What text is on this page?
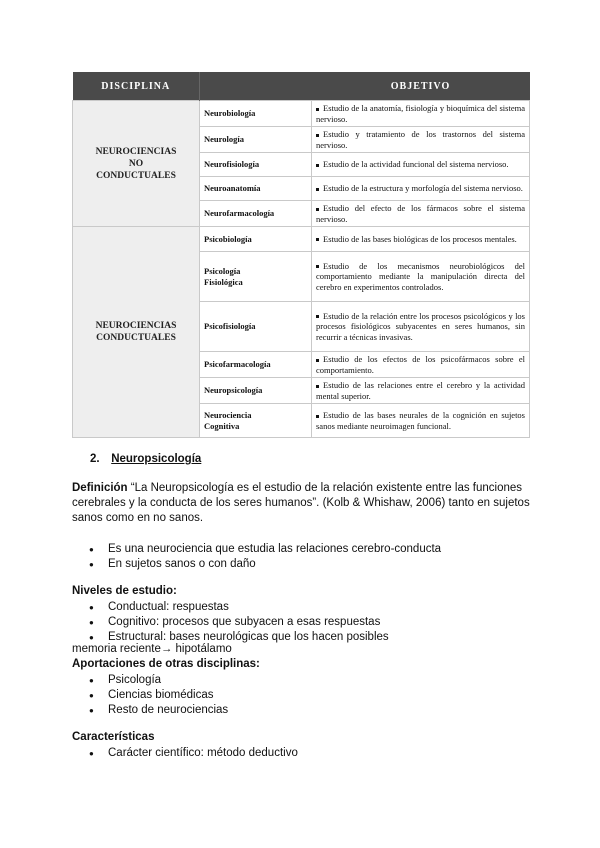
DISCIPLINA		OBJETIVO

NEUROCIENCIAS
NO
CONDUCTUALES	Neurobiología	Estudio de la anatomía, fisiología y bioquímica del sistema nervioso.

	Neurología	Estudio y tratamiento de los trastornos del sistema nervioso.

	Neurofisiología	Estudio de la actividad funcional del sistema nervioso.

	Neuroanatomía	Estudio de la estructura y morfología del sistema nervioso.

	Neurofarmacología	Estudio del efecto de los fármacos sobre el sistema nervioso.

NEUROCIENCIAS
CONDUCTUALES	Psicobiología	Estudio de las bases biológicas de los procesos mentales.

	Psicología
Fisiológica	Estudio de los mecanismos neurobiológicos del comportamiento mediante la manipulación directa del cerebro en experimentos controlados.

	Psicofisiología	Estudio de la relación entre los procesos psicológicos y los procesos fisiológicos subyacentes en seres humanos, sin recurrir a técnicas invasivas.

	Psicofarmacología	Estudio de los efectos de los psicofármacos sobre el comportamiento.

	Neuropsicología	Estudio de las relaciones entre el cerebro y la actividad mental superior.

	Neurociencia
Cognitiva	Estudio de las bases neurales de la cognición en sujetos sanos mediante neuroimagen funcional.
2. Neuropsicología
Definición “La Neuropsicología es el estudio de la relación existente entre las funciones cerebrales y la conducta de los seres humanos”. (Kolb & Whishaw, 2006) tanto en sujetos sanos como en no sanos.
● Es una neurociencia que estudia las relaciones cerebro-conducta
● En sujetos sanos o con daño
Niveles de estudio:
● Conductual: respuestas
● Cognitivo: procesos que subyacen a esas respuestas
● Estructural: bases neurológicas que los hacen posibles
memoria reciente→ hipotálamo
Aportaciones de otras disciplinas:
● Psicología
● Ciencias biomédicas
● Resto de neurociencias
Características
● Carácter científico: método deductivo
